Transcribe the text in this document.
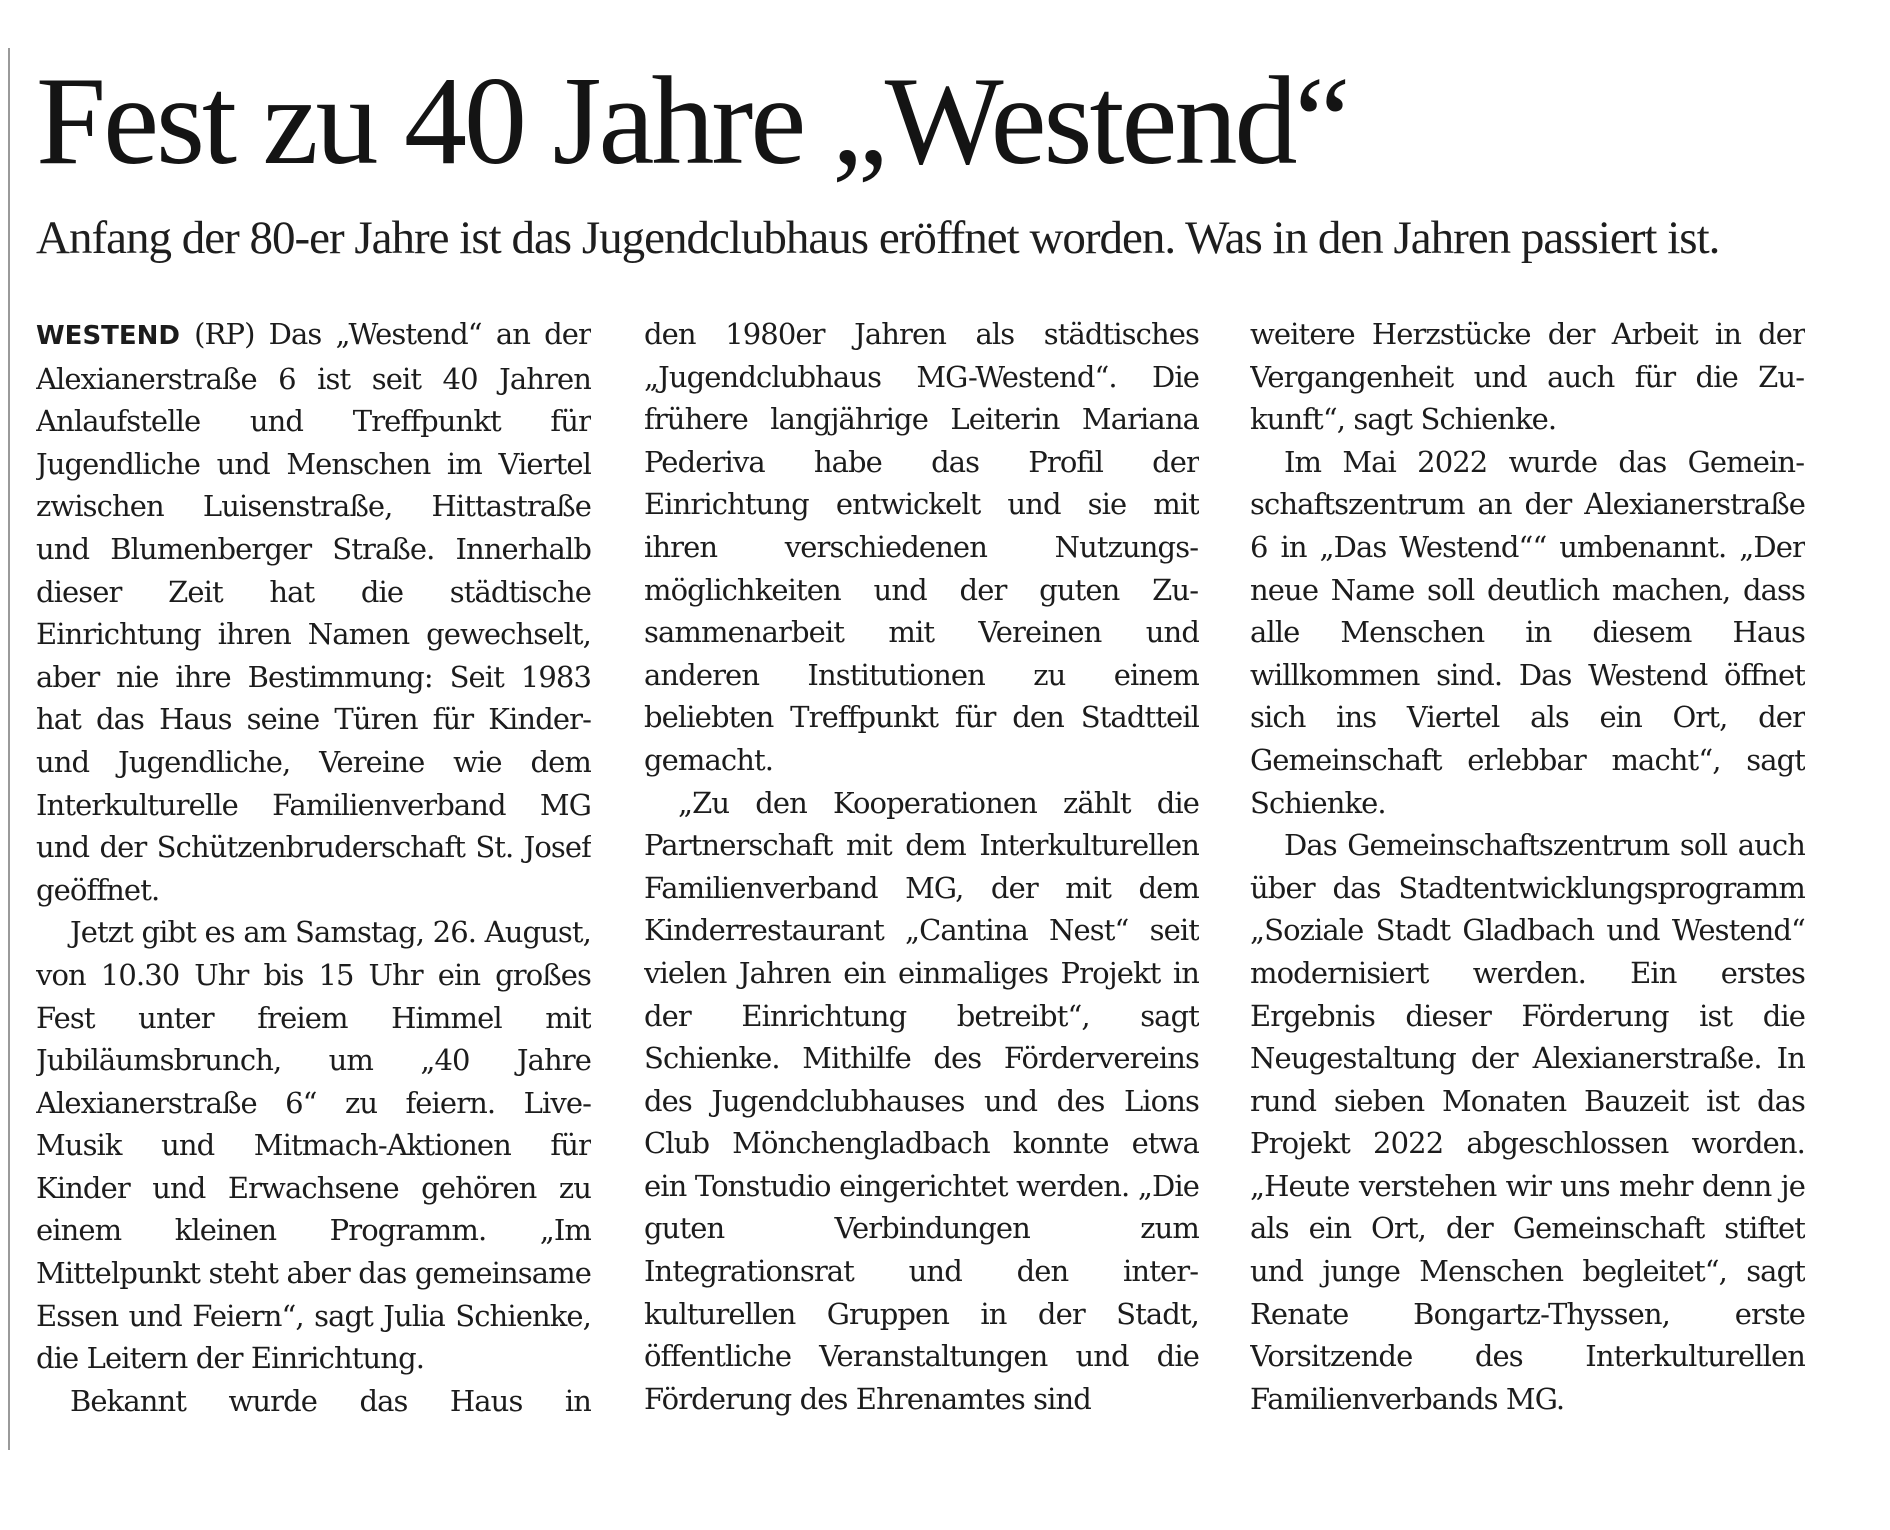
Fest zu 40 Jahre „Westend“
Anfang der 80-er Jahre ist das Jugendclubhaus eröffnet worden. Was in den Jahren passiert ist.

WESTEND (RP) Das „Westend“ an der Alexianerstraße 6 ist seit 40 Jahren Anlaufstelle und Treffpunkt für Jugendliche und Menschen im Viertel zwischen Luisenstraße, Hittastraße und Blumenberger Straße. Innerhalb dieser Zeit hat die städtische Einrichtung ihren Namen gewechselt, aber nie ihre Bestimmung: Seit 1983 hat das Haus seine Türen für Kinder- und Jugendliche, Vereine wie dem Interkulturelle Familienverband MG und der Schützenbruderschaft St. Josef geöffnet.

Jetzt gibt es am Samstag, 26. August, von 10.30 Uhr bis 15 Uhr ein großes Fest unter freiem Himmel mit Jubiläumsbrunch, um „40 Jahre Alexianerstraße 6“ zu feiern. Live-Musik und Mitmach-Aktionen für Kinder und Erwachsene gehören zu einem kleinen Programm. „Im Mittelpunkt steht aber das gemeinsame Essen und Feiern“, sagt Julia Schienke, die Leitern der Einrichtung.

Bekannt wurde das Haus in

den 1980er Jahren als städtisches „Jugendclubhaus MG-Westend“. Die frühere langjährige Leiterin Mariana Pederiva habe das Profil der Einrichtung entwickelt und sie mit ihren verschiedenen Nutzungsmöglichkeiten und der guten Zusammenarbeit mit Vereinen und anderen Institutionen zu einem beliebten Treffpunkt für den Stadtteil gemacht.

„Zu den Kooperationen zählt die Partnerschaft mit dem Interkulturellen Familienverband MG, der mit dem Kinderrestaurant „Cantina Nest“ seit vielen Jahren ein einmaliges Projekt in der Einrichtung betreibt“, sagt Schienke. Mithilfe des Fördervereins des Jugendclubhauses und des Lions Club Mönchengladbach konnte etwa ein Tonstudio eingerichtet werden. „Die guten Verbindungen zum Integrationsrat und den interkulturellen Gruppen in der Stadt, öffentliche Veranstaltungen und die Förderung des Ehrenamtes sind

weitere Herzstücke der Arbeit in der Vergangenheit und auch für die Zukunft“, sagt Schienke.

Im Mai 2022 wurde das Gemeinschaftszentrum an der Alexianerstraße 6 in „Das Westend““ umbenannt. „Der neue Name soll deutlich machen, dass alle Menschen in diesem Haus willkommen sind. Das Westend öffnet sich ins Viertel als ein Ort, der Gemeinschaft erlebbar macht“, sagt Schienke.

Das Gemeinschaftszentrum soll auch über das Stadtentwicklungsprogramm „Soziale Stadt Gladbach und Westend“ modernisiert werden. Ein erstes Ergebnis dieser Förderung ist die Neugestaltung der Alexianerstraße. In rund sieben Monaten Bauzeit ist das Projekt 2022 abgeschlossen worden. „Heute verstehen wir uns mehr denn je als ein Ort, der Gemeinschaft stiftet und junge Menschen begleitet“, sagt Renate Bongartz-Thyssen, erste Vorsitzende des Interkulturellen Familienverbands MG.
